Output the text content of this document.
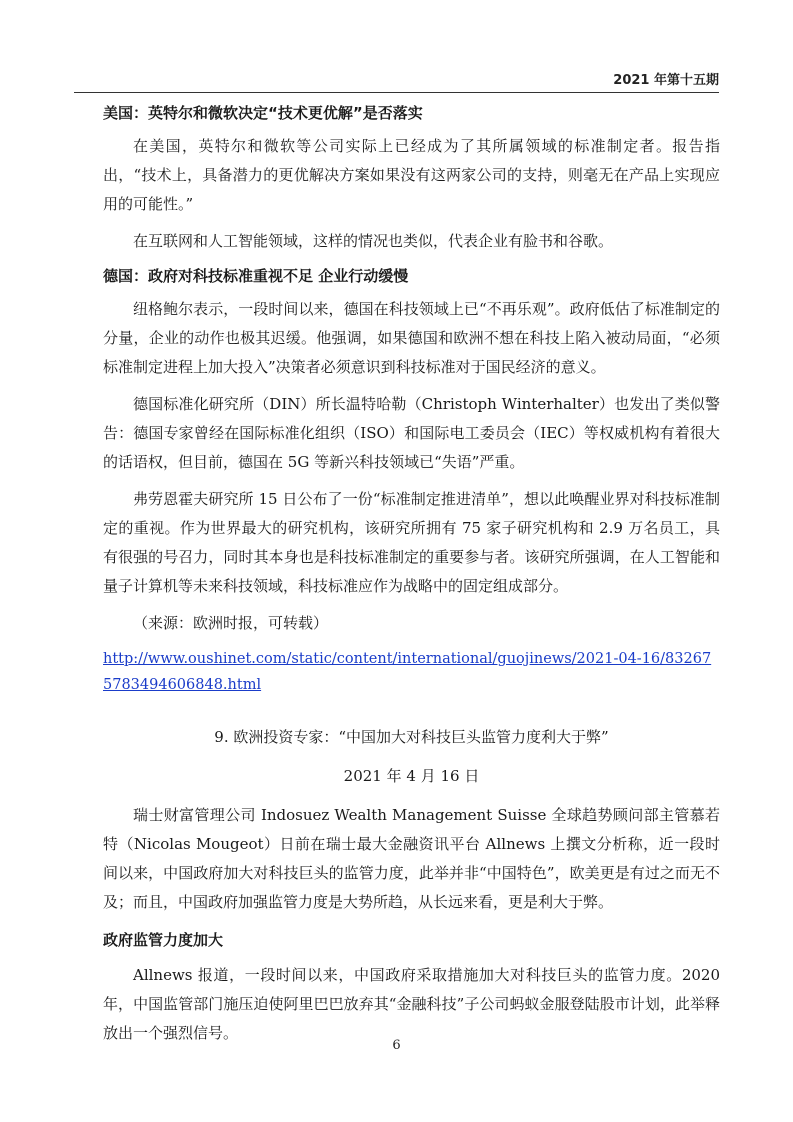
2021 年第十五期

美国：英特尔和微软决定“技术更优解”是否落实

在美国，英特尔和微软等公司实际上已经成为了其所属领域的标准制定者。报告指出，“技术上，具备潜力的更优解决方案如果没有这两家公司的支持，则毫无在产品上实现应用的可能性。”

在互联网和人工智能领域，这样的情况也类似，代表企业有脸书和谷歌。

德国：政府对科技标准重视不足 企业行动缓慢

纽格鲍尔表示，一段时间以来，德国在科技领域上已“不再乐观”。政府低估了标准制定的分量，企业的动作也极其迟缓。他强调，如果德国和欧洲不想在科技上陷入被动局面，“必须标准制定进程上加大投入”决策者必须意识到科技标准对于国民经济的意义。

德国标准化研究所（DIN）所长温特哈勒（Christoph Winterhalter）也发出了类似警告：德国专家曾经在国际标准化组织（ISO）和国际电工委员会（IEC）等权威机构有着很大的话语权，但目前，德国在 5G 等新兴科技领域已“失语”严重。

弗劳恩霍夫研究所 15 日公布了一份“标准制定推进清单”，想以此唤醒业界对科技标准制定的重视。作为世界最大的研究机构，该研究所拥有 75 家子研究机构和 2.9 万名员工，具有很强的号召力，同时其本身也是科技标准制定的重要参与者。该研究所强调，在人工智能和量子计算机等未来科技领域，科技标准应作为战略中的固定组成部分。

（来源：欧洲时报，可转载）

http://www.oushinet.com/static/content/international/guojinews/2021-04-16/832675783494606848.html

9. 欧洲投资专家：“中国加大对科技巨头监管力度利大于弊”

2021 年 4 月 16 日

瑞士财富管理公司 Indosuez Wealth Management Suisse 全球趋势顾问部主管慕若特（Nicolas Mougeot）日前在瑞士最大金融资讯平台 Allnews 上撰文分析称，近一段时间以来，中国政府加大对科技巨头的监管力度，此举并非“中国特色”，欧美更是有过之而无不及；而且，中国政府加强监管力度是大势所趋，从长远来看，更是利大于弊。

政府监管力度加大

Allnews 报道，一段时间以来，中国政府采取措施加大对科技巨头的监管力度。2020 年，中国监管部门施压迫使阿里巴巴放弃其“金融科技”子公司蚂蚁金服登陆股市计划，此举释放出一个强烈信号。

6
